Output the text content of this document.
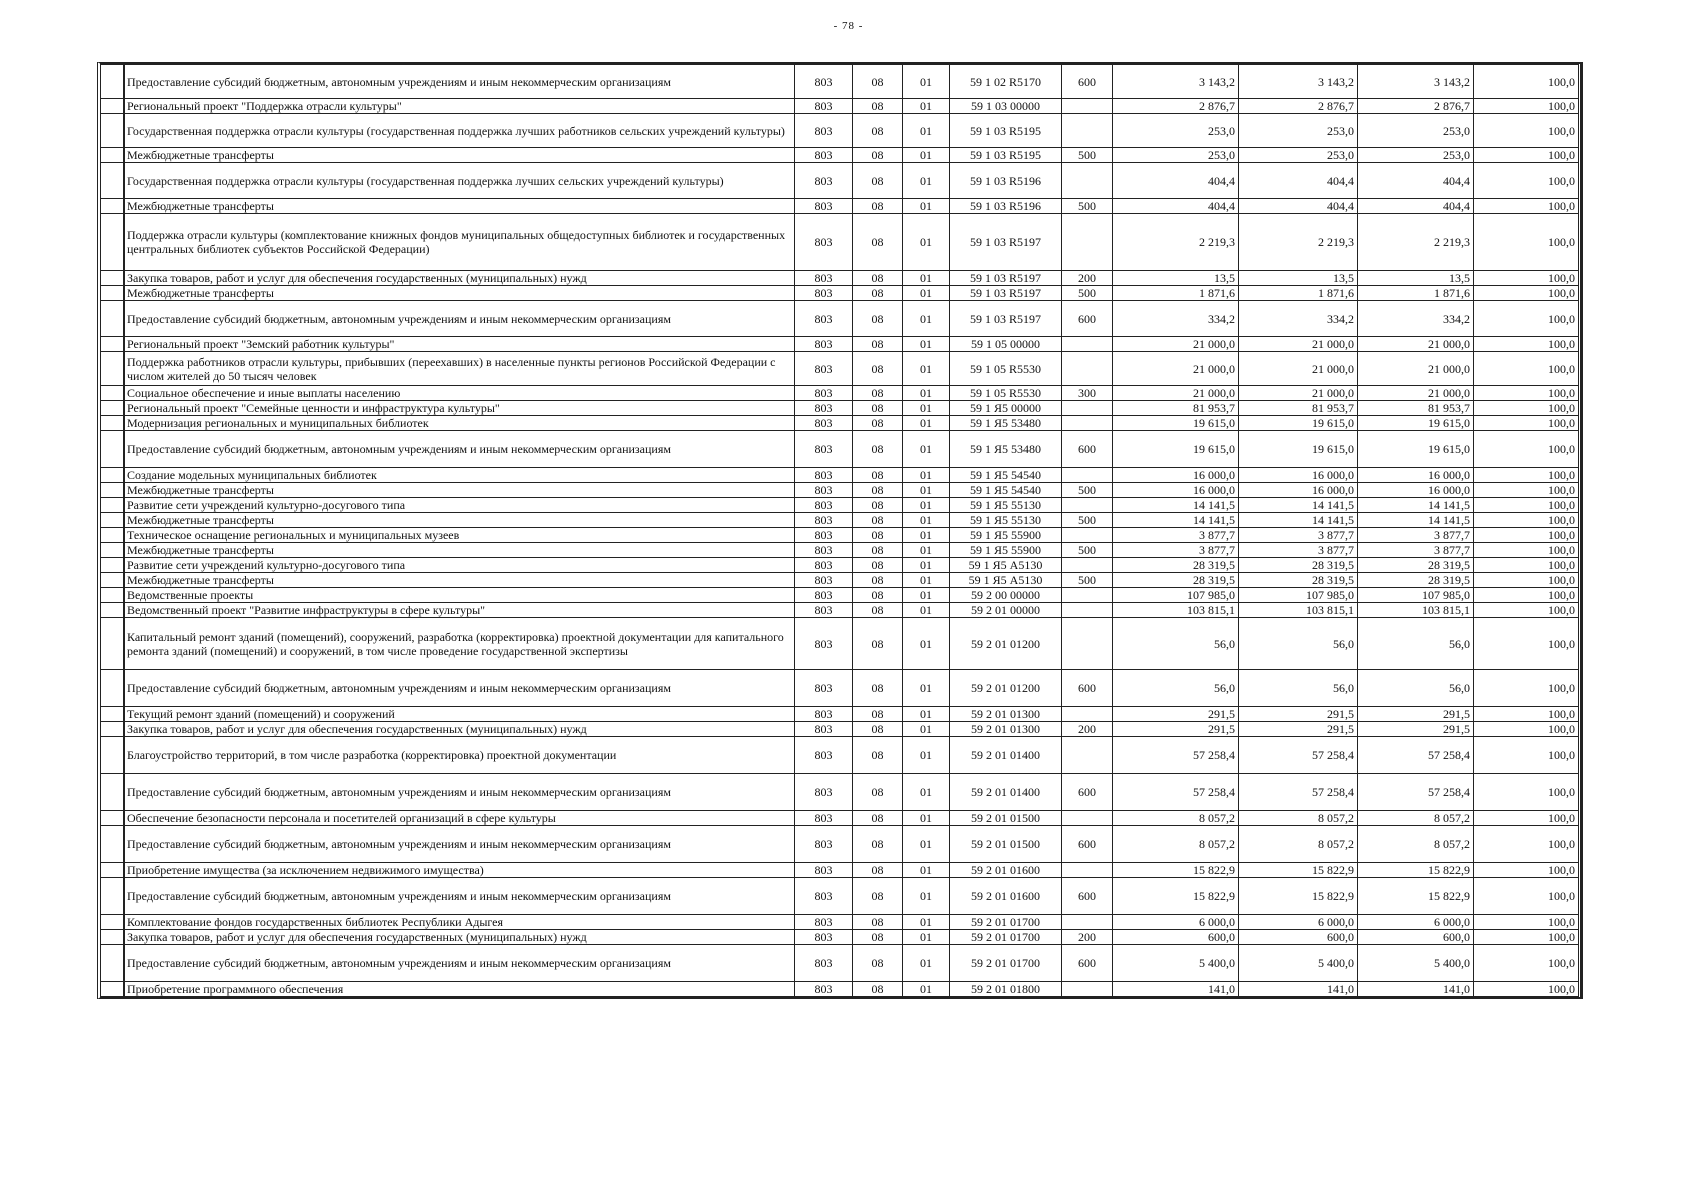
- 78 -
	Предоставление субсидий бюджетным, автономным учреждениям и иным некоммерческим организациям	803	08	01	59 1 02 R5170	600	3 143,2	3 143,2	3 143,2	100,0
	Региональный проект "Поддержка отрасли культуры"	803	08	01	59 1 03 00000		2 876,7	2 876,7	2 876,7	100,0
	Государственная поддержка отрасли культуры (государственная поддержка лучших работников сельских учреждений культуры)	803	08	01	59 1 03 R5195		253,0	253,0	253,0	100,0
	Межбюджетные трансферты	803	08	01	59 1 03 R5195	500	253,0	253,0	253,0	100,0
	Государственная поддержка отрасли культуры (государственная поддержка лучших сельских учреждений культуры)	803	08	01	59 1 03 R5196		404,4	404,4	404,4	100,0
	Межбюджетные трансферты	803	08	01	59 1 03 R5196	500	404,4	404,4	404,4	100,0
	Поддержка отрасли культуры (комплектование книжных фондов муниципальных общедоступных библиотек и государственных центральных библиотек субъектов Российской Федерации)	803	08	01	59 1 03 R5197		2 219,3	2 219,3	2 219,3	100,0
	Закупка товаров, работ и услуг для обеспечения государственных (муниципальных) нужд	803	08	01	59 1 03 R5197	200	13,5	13,5	13,5	100,0
	Межбюджетные трансферты	803	08	01	59 1 03 R5197	500	1 871,6	1 871,6	1 871,6	100,0
	Предоставление субсидий бюджетным, автономным учреждениям и иным некоммерческим организациям	803	08	01	59 1 03 R5197	600	334,2	334,2	334,2	100,0
	Региональный проект "Земский работник культуры"	803	08	01	59 1 05 00000		21 000,0	21 000,0	21 000,0	100,0
	Поддержка работников отрасли культуры, прибывших (переехавших) в населенные пункты регионов Российской Федерации с числом жителей до 50 тысяч человек	803	08	01	59 1 05 R5530		21 000,0	21 000,0	21 000,0	100,0
	Социальное обеспечение и иные выплаты населению	803	08	01	59 1 05 R5530	300	21 000,0	21 000,0	21 000,0	100,0
	Региональный проект "Семейные ценности и инфраструктура культуры"	803	08	01	59 1 Я5 00000		81 953,7	81 953,7	81 953,7	100,0
	Модернизация региональных и муниципальных библиотек	803	08	01	59 1 Я5 53480		19 615,0	19 615,0	19 615,0	100,0
	Предоставление субсидий бюджетным, автономным учреждениям и иным некоммерческим организациям	803	08	01	59 1 Я5 53480	600	19 615,0	19 615,0	19 615,0	100,0
	Создание модельных муниципальных библиотек	803	08	01	59 1 Я5 54540		16 000,0	16 000,0	16 000,0	100,0
	Межбюджетные трансферты	803	08	01	59 1 Я5 54540	500	16 000,0	16 000,0	16 000,0	100,0
	Развитие сети учреждений культурно-досугового типа	803	08	01	59 1 Я5 55130		14 141,5	14 141,5	14 141,5	100,0
	Межбюджетные трансферты	803	08	01	59 1 Я5 55130	500	14 141,5	14 141,5	14 141,5	100,0
	Техническое оснащение региональных и муниципальных музеев	803	08	01	59 1 Я5 55900		3 877,7	3 877,7	3 877,7	100,0
	Межбюджетные трансферты	803	08	01	59 1 Я5 55900	500	3 877,7	3 877,7	3 877,7	100,0
	Развитие сети учреждений культурно-досугового типа	803	08	01	59 1 Я5 А5130		28 319,5	28 319,5	28 319,5	100,0
	Межбюджетные трансферты	803	08	01	59 1 Я5 А5130	500	28 319,5	28 319,5	28 319,5	100,0
	Ведомственные проекты	803	08	01	59 2 00 00000		107 985,0	107 985,0	107 985,0	100,0
	Ведомственный проект "Развитие инфраструктуры в сфере культуры"	803	08	01	59 2 01 00000		103 815,1	103 815,1	103 815,1	100,0
	Капитальный ремонт зданий (помещений), сооружений, разработка (корректировка) проектной документации для капитального ремонта зданий (помещений) и сооружений, в том числе проведение государственной экспертизы	803	08	01	59 2 01 01200		56,0	56,0	56,0	100,0
	Предоставление субсидий бюджетным, автономным учреждениям и иным некоммерческим организациям	803	08	01	59 2 01 01200	600	56,0	56,0	56,0	100,0
	Текущий ремонт зданий (помещений) и сооружений	803	08	01	59 2 01 01300		291,5	291,5	291,5	100,0
	Закупка товаров, работ и услуг для обеспечения государственных (муниципальных) нужд	803	08	01	59 2 01 01300	200	291,5	291,5	291,5	100,0
	Благоустройство территорий, в том числе разработка (корректировка) проектной документации	803	08	01	59 2 01 01400		57 258,4	57 258,4	57 258,4	100,0
	Предоставление субсидий бюджетным, автономным учреждениям и иным некоммерческим организациям	803	08	01	59 2 01 01400	600	57 258,4	57 258,4	57 258,4	100,0
	Обеспечение безопасности персонала и посетителей организаций в сфере культуры	803	08	01	59 2 01 01500		8 057,2	8 057,2	8 057,2	100,0
	Предоставление субсидий бюджетным, автономным учреждениям и иным некоммерческим организациям	803	08	01	59 2 01 01500	600	8 057,2	8 057,2	8 057,2	100,0
	Приобретение имущества (за исключением недвижимого имущества)	803	08	01	59 2 01 01600		15 822,9	15 822,9	15 822,9	100,0
	Предоставление субсидий бюджетным, автономным учреждениям и иным некоммерческим организациям	803	08	01	59 2 01 01600	600	15 822,9	15 822,9	15 822,9	100,0
	Комплектование фондов государственных библиотек Республики Адыгея	803	08	01	59 2 01 01700		6 000,0	6 000,0	6 000,0	100,0
	Закупка товаров, работ и услуг для обеспечения государственных (муниципальных) нужд	803	08	01	59 2 01 01700	200	600,0	600,0	600,0	100,0
	Предоставление субсидий бюджетным, автономным учреждениям и иным некоммерческим организациям	803	08	01	59 2 01 01700	600	5 400,0	5 400,0	5 400,0	100,0
	Приобретение программного обеспечения	803	08	01	59 2 01 01800		141,0	141,0	141,0	100,0
